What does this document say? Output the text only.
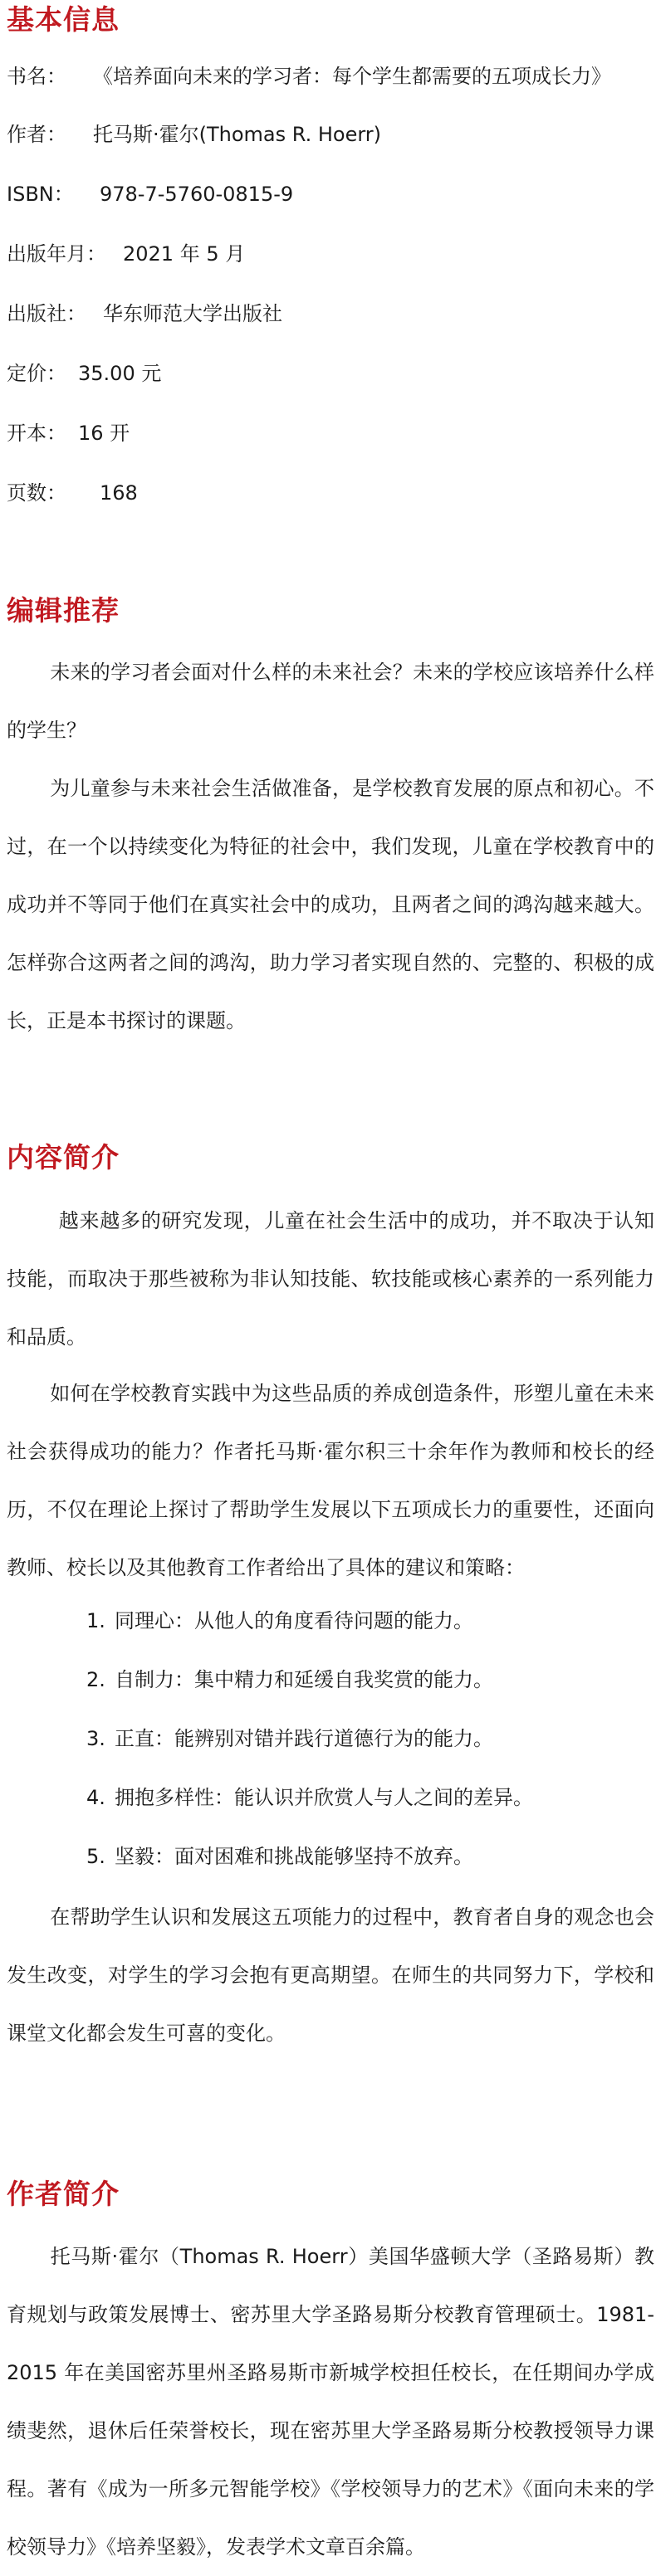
基本信息
书名： 《培养面向未来的学习者：每个学生都需要的五项成长力》
作者： 托马斯·霍尔(Thomas R. Hoerr)
ISBN： 978-7-5760-0815-9
出版年月： 2021 年 5 月
出版社： 华东师范大学出版社
定价： 35.00 元
开本： 16 开
页数： 168
编辑推荐

未来的学习者会面对什么样的未来社会？未来的学校应该培养什么样的学生？

为儿童参与未来社会生活做准备，是学校教育发展的原点和初心。不过，在一个以持续变化为特征的社会中，我们发现，儿童在学校教育中的成功并不等同于他们在真实社会中的成功，且两者之间的鸿沟越来越大。怎样弥合这两者之间的鸿沟，助力学习者实现自然的、完整的、积极的成长，正是本书探讨的课题。

内容简介

越来越多的研究发现，儿童在社会生活中的成功，并不取决于认知技能，而取决于那些被称为非认知技能、软技能或核心素养的一系列能力和品质。

如何在学校教育实践中为这些品质的养成创造条件，形塑儿童在未来社会获得成功的能力？作者托马斯·霍尔积三十余年作为教师和校长的经历，不仅在理论上探讨了帮助学生发展以下五项成长力的重要性，还面向教师、校长以及其他教育工作者给出了具体的建议和策略：

1. 同理心：从他人的角度看待问题的能力。
2. 自制力：集中精力和延缓自我奖赏的能力。
3. 正直：能辨别对错并践行道德行为的能力。
4. 拥抱多样性：能认识并欣赏人与人之间的差异。
5. 坚毅：面对困难和挑战能够坚持不放弃。

在帮助学生认识和发展这五项能力的过程中，教育者自身的观念也会发生改变，对学生的学习会抱有更高期望。在师生的共同努力下，学校和课堂文化都会发生可喜的变化。

作者简介

托马斯·霍尔（Thomas R. Hoerr）美国华盛顿大学（圣路易斯）教育规划与政策发展博士、密苏里大学圣路易斯分校教育管理硕士。1981-2015 年在美国密苏里州圣路易斯市新城学校担任校长，在任期间办学成绩斐然，退休后任荣誉校长，现在密苏里大学圣路易斯分校教授领导力课程。著有《成为一所多元智能学校》《学校领导力的艺术》《面向未来的学校领导力》《培养坚毅》，发表学术文章百余篇。
